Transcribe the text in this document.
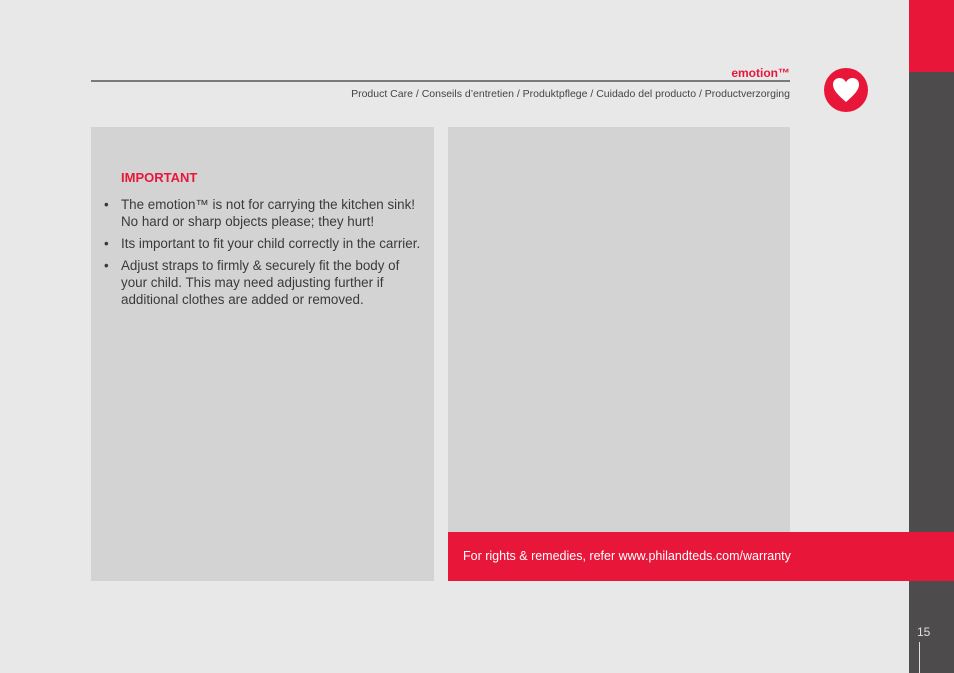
emotion™
Product Care / Conseils d’entretien / Produktpflege / Cuidado del producto / Productverzorging
IMPORTANT
• The emotion™ is not for carrying the kitchen sink! No hard or sharp objects please; they hurt!
• Its important to fit your child correctly in the carrier.
• Adjust straps to firmly & securely fit the body of your child. This may need adjusting further if additional clothes are added or removed.
For rights & remedies, refer www.philandteds.com/warranty
15
